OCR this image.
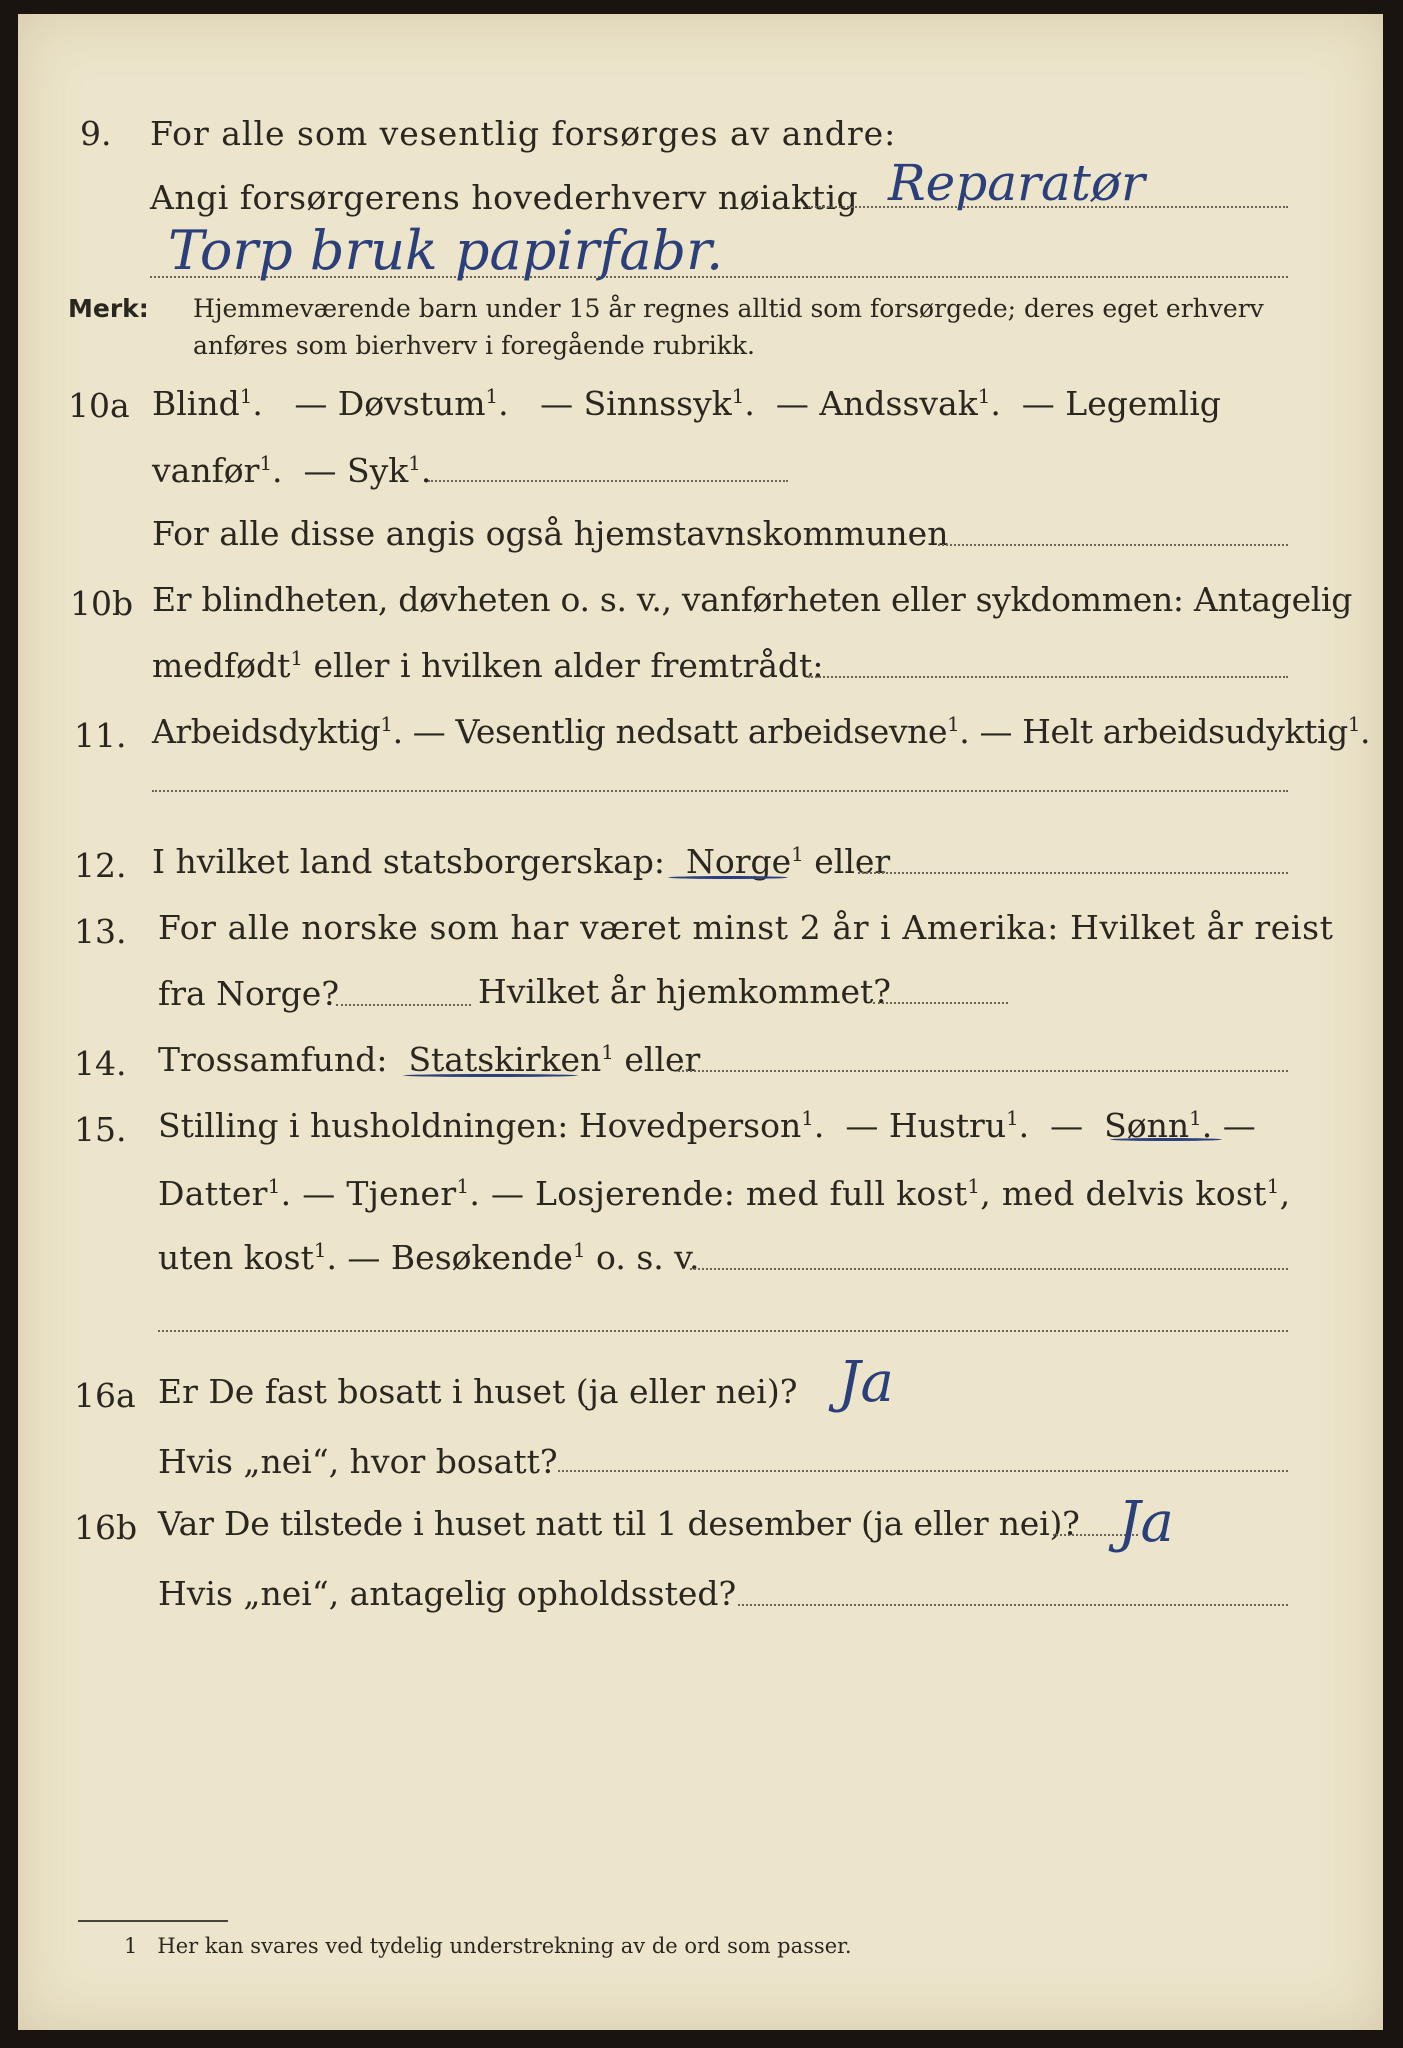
9. For alle som vesentlig forsørges av andre:
Angi forsørgerens hovederhverv nøiaktig Reparatør
Torp bruk papirfabr.
Merk: Hjemmeværende barn under 15 år regnes alltid som forsørgede; deres eget erhverv
anføres som bierhverv i foregående rubrikk.
10a Blind$^1$.   — Døvstum$^1$.   — Sinnssyk$^1$.  — Andssvak$^1$.  — Legemlig
vanfør$^1$.  — Syk$^1$.
For alle disse angis også hjemstavnskommunen
10b Er blindheten, døvheten o. s. v., vanførheten eller sykdommen: Antagelig
medfødt$^1$ eller i hvilken alder fremtrådt:
11. Arbeidsdyktig$^1$. — Vesentlig nedsatt arbeidsevne$^1$. — Helt arbeidsudyktig$^1$.
12. I hvilket land statsborgerskap: Norge$^1$ eller
13. For alle norske som har været minst 2 år i Amerika: Hvilket år reist
fra Norge?	Hvilket år hjemkommet?
14. Trossamfund: Statskirken$^1$ eller
15. Stilling i husholdningen: Hovedperson$^1$.  — Hustru$^1$.  — Sønn$^1$. —
Datter$^1$. — Tjener$^1$. — Losjerende: med full kost$^1$, med delvis kost$^1$,
uten kost$^1$. — Besøkende$^1$ o. s. v.
16a Er De fast bosatt i huset (ja eller nei)? Ja
Hvis „nei“, hvor bosatt?
16b Var De tilstede i huset natt til 1 desember (ja eller nei)? Ja
Hvis „nei“, antagelig opholdssted?
1 Her kan svares ved tydelig understrekning av de ord som passer.
